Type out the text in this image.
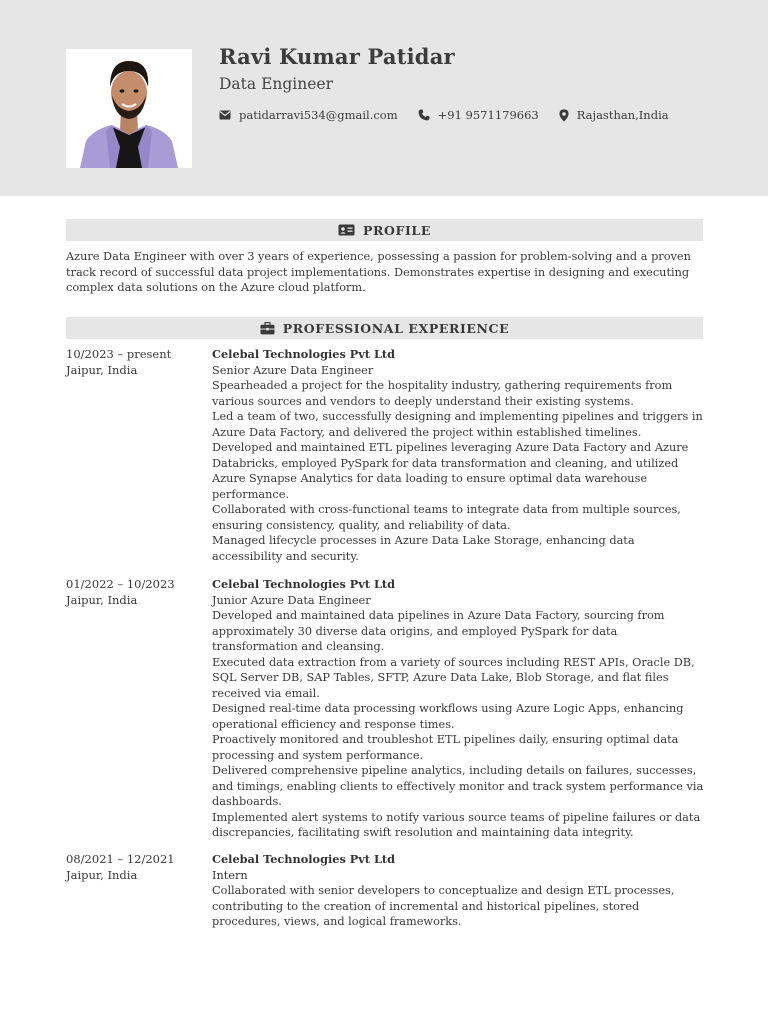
Ravi Kumar Patidar
Data Engineer
patidarravi534@gmail.com	+91 9571179663	Rajasthan,India
PROFILE
Azure Data Engineer with over 3 years of experience, possessing a passion for problem-solving and a proven track record of successful data project implementations. Demonstrates expertise in designing and executing complex data solutions on the Azure cloud platform.
PROFESSIONAL EXPERIENCE
10/2023 – present
Jaipur, India
Celebal Technologies Pvt Ltd
Senior Azure Data Engineer

Spearheaded a project for the hospitality industry, gathering requirements from various sources and vendors to deeply understand their existing systems.

Led a team of two, successfully designing and implementing pipelines and triggers in Azure Data Factory, and delivered the project within established timelines.

Developed and maintained ETL pipelines leveraging Azure Data Factory and Azure Databricks, employed PySpark for data transformation and cleaning, and utilized Azure Synapse Analytics for data loading to ensure optimal data warehouse performance.

Collaborated with cross-functional teams to integrate data from multiple sources, ensuring consistency, quality, and reliability of data.

Managed lifecycle processes in Azure Data Lake Storage, enhancing data accessibility and security.

01/2022 – 10/2023
Jaipur, India
Celebal Technologies Pvt Ltd
Junior Azure Data Engineer

Developed and maintained data pipelines in Azure Data Factory, sourcing from approximately 30 diverse data origins, and employed PySpark for data transformation and cleansing.

Executed data extraction from a variety of sources including REST APIs, Oracle DB, SQL Server DB, SAP Tables, SFTP, Azure Data Lake, Blob Storage, and flat files received via email.

Designed real-time data processing workflows using Azure Logic Apps, enhancing operational efficiency and response times.

Proactively monitored and troubleshot ETL pipelines daily, ensuring optimal data processing and system performance.

Delivered comprehensive pipeline analytics, including details on failures, successes, and timings, enabling clients to effectively monitor and track system performance via dashboards.

Implemented alert systems to notify various source teams of pipeline failures or data discrepancies, facilitating swift resolution and maintaining data integrity.

08/2021 – 12/2021
Jaipur, India
Celebal Technologies Pvt Ltd
Intern

Collaborated with senior developers to conceptualize and design ETL processes, contributing to the creation of incremental and historical pipelines, stored procedures, views, and logical frameworks.
